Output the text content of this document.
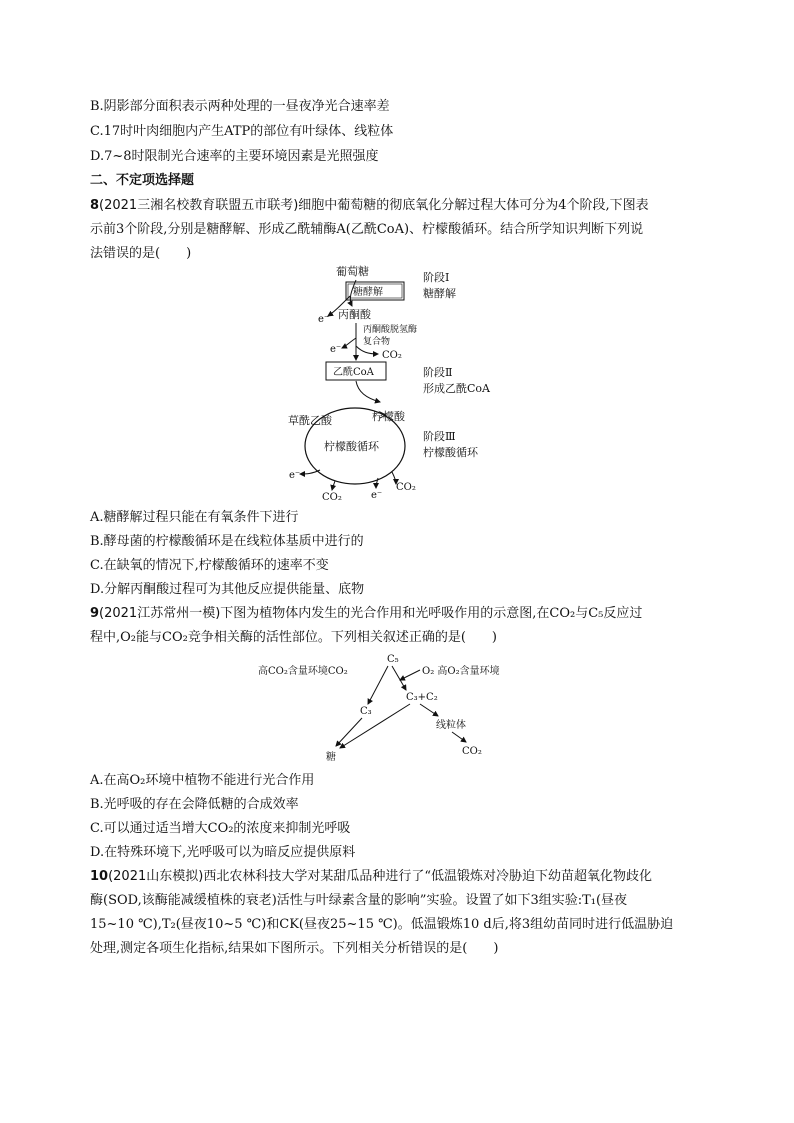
B.阴影部分面积表示两种处理的一昼夜净光合速率差
C.17时叶肉细胞内产生ATP的部位有叶绿体、线粒体
D.7~8时限制光合速率的主要环境因素是光照强度
二、不定项选择题
8(2021三湘名校教育联盟五市联考)细胞中葡萄糖的彻底氧化分解过程大体可分为4个阶段,下图表
示前3个阶段,分别是糖酵解、形成乙酰辅酶A(乙酰CoA)、柠檬酸循环。结合所学知识判断下列说
法错误的是(　　)
葡萄糖
糖酵解
e⁻ 丙酮酸
丙酮酸脱氢酶
复合物
e⁻
CO₂
乙酰CoA
草酰乙酸	柠檬酸
柠檬酸循环
e⁻
CO₂	e⁻
CO₂
阶段Ⅰ
糖酵解
阶段Ⅱ
形成乙酰CoA
阶段Ⅲ
柠檬酸循环
A.糖酵解过程只能在有氧条件下进行
B.酵母菌的柠檬酸循环是在线粒体基质中进行的
C.在缺氧的情况下,柠檬酸循环的速率不变
D.分解丙酮酸过程可为其他反应提供能量、底物
9(2021江苏常州一模)下图为植物体内发生的光合作用和光呼吸作用的示意图,在CO₂与C₅反应过
程中,O₂能与CO₂竞争相关酶的活性部位。下列相关叙述正确的是(　　)
C₅
高CO₂含量环境CO₂	O₂ 高O₂含量环境
C₃
C₃+C₂
线粒体
CO₂
糖
A.在高O₂环境中植物不能进行光合作用
B.光呼吸的存在会降低糖的合成效率
C.可以通过适当增大CO₂的浓度来抑制光呼吸
D.在特殊环境下,光呼吸可以为暗反应提供原料
10(2021山东模拟)西北农林科技大学对某甜瓜品种进行了“低温锻炼对冷胁迫下幼苗超氧化物歧化
酶(SOD,该酶能减缓植株的衰老)活性与叶绿素含量的影响”实验。设置了如下3组实验:T₁(昼夜
15~10 ℃),T₂(昼夜10~5 ℃)和CK(昼夜25~15 ℃)。低温锻炼10 d后,将3组幼苗同时进行低温胁迫
处理,测定各项生化指标,结果如下图所示。下列相关分析错误的是(　　)
